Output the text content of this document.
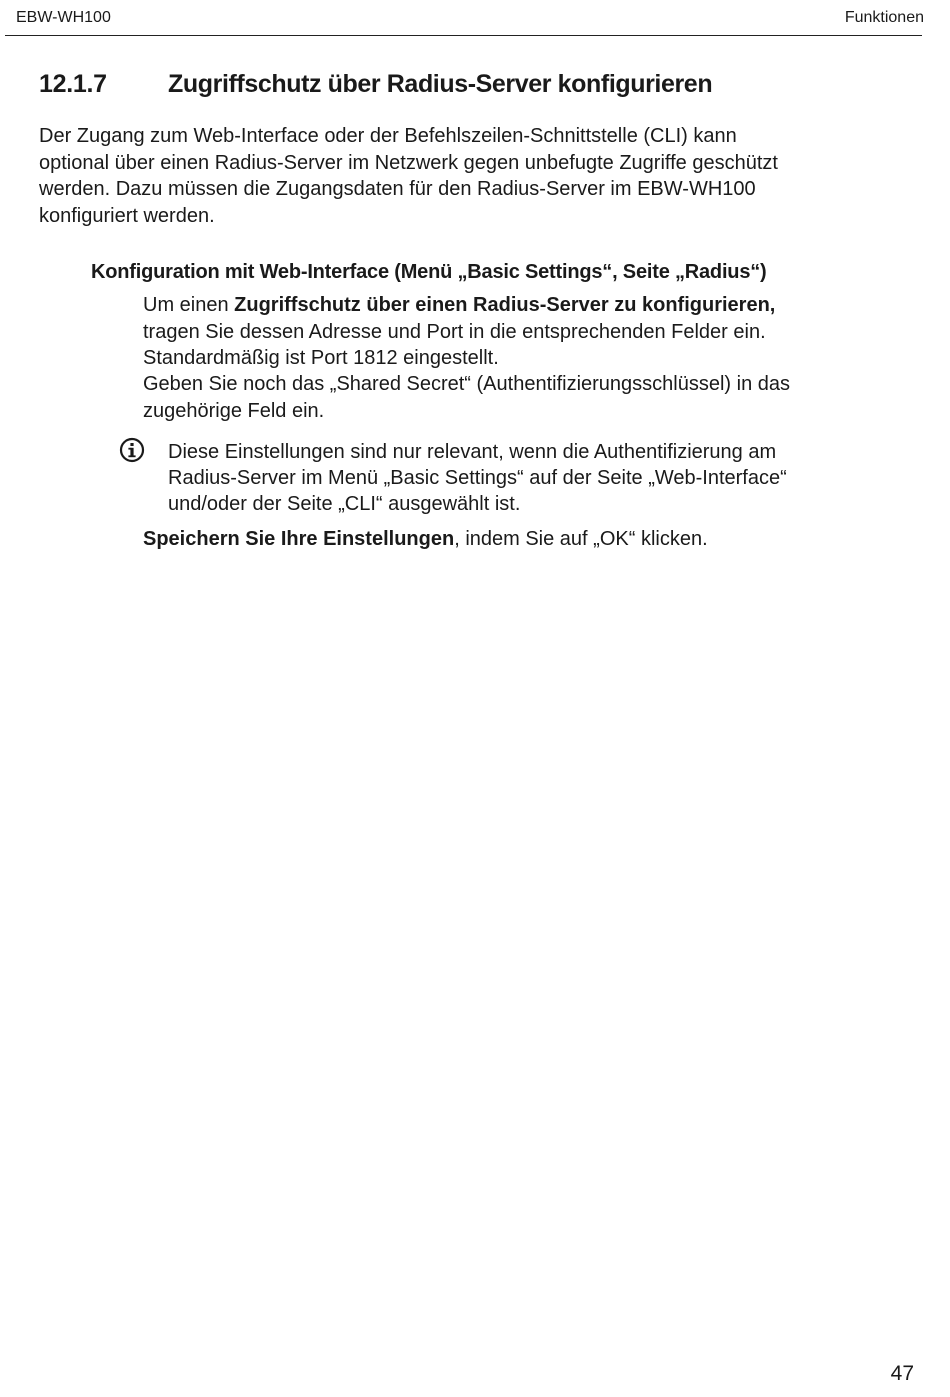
EBW-WH100	Funktionen
12.1.7 Zugriffschutz über Radius-Server konfigurieren
Der Zugang zum Web-Interface oder der Befehlszeilen-Schnittstelle (CLI) kann
optional über einen Radius-Server im Netzwerk gegen unbefugte Zugriffe geschützt
werden. Dazu müssen die Zugangsdaten für den Radius-Server im EBW-WH100
konfiguriert werden.
Konfiguration mit Web-Interface (Menü „Basic Settings“, Seite „Radius“)
Um einen Zugriffschutz über einen Radius-Server zu konfigurieren,
tragen Sie dessen Adresse und Port in die entsprechenden Felder ein.
Standardmäßig ist Port 1812 eingestellt.
Geben Sie noch das „Shared Secret“ (Authentifizierungsschlüssel) in das
zugehörige Feld ein.
Diese Einstellungen sind nur relevant, wenn die Authentifizierung am
Radius-Server im Menü „Basic Settings“ auf der Seite „Web-Interface“
und/oder der Seite „CLI“ ausgewählt ist.
Speichern Sie Ihre Einstellungen, indem Sie auf „OK“ klicken.
47
